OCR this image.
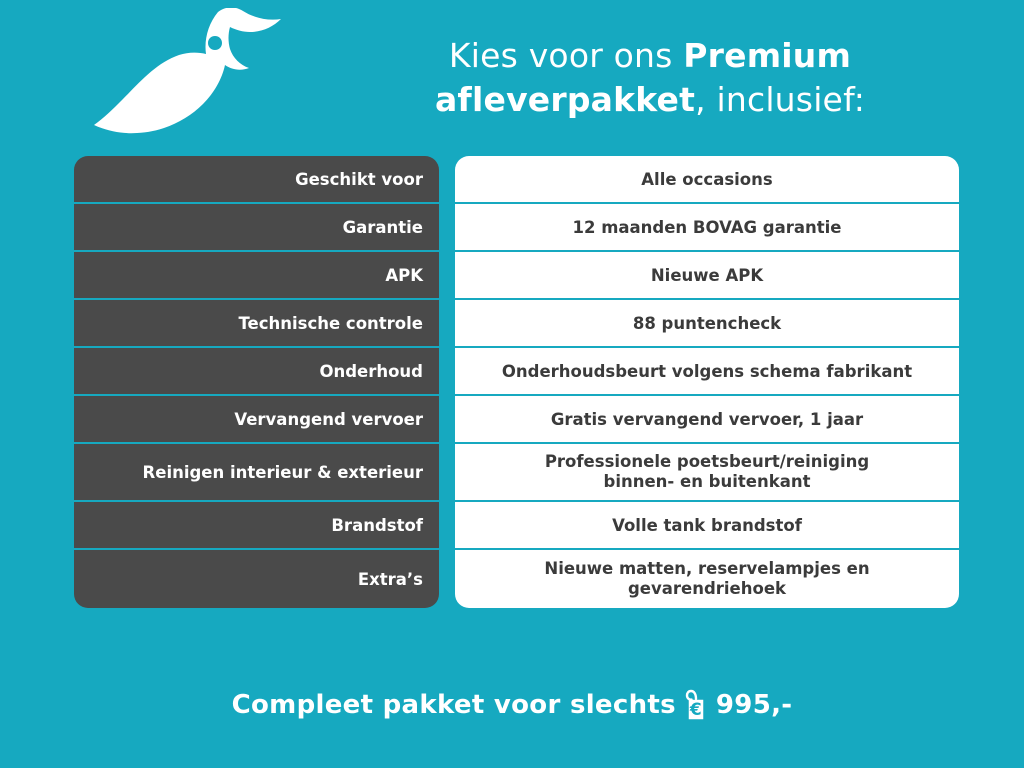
Kies voor ons Premium
afleverpakket, inclusief:
Geschikt voor
Garantie
APK
Technische controle
Onderhoud
Vervangend vervoer
Reinigen interieur & exterieur
Brandstof
Extra’s
Alle occasions
12 maanden BOVAG garantie
Nieuwe APK
88 puntencheck
Onderhoudsbeurt volgens schema fabrikant
Gratis vervangend vervoer, 1 jaar
Professionele poetsbeurt/reiniging
binnen- en buitenkant
Volle tank brandstof
Nieuwe matten, reservelampjes en
gevarendriehoek
Compleet pakket voor slechts € 995,-
